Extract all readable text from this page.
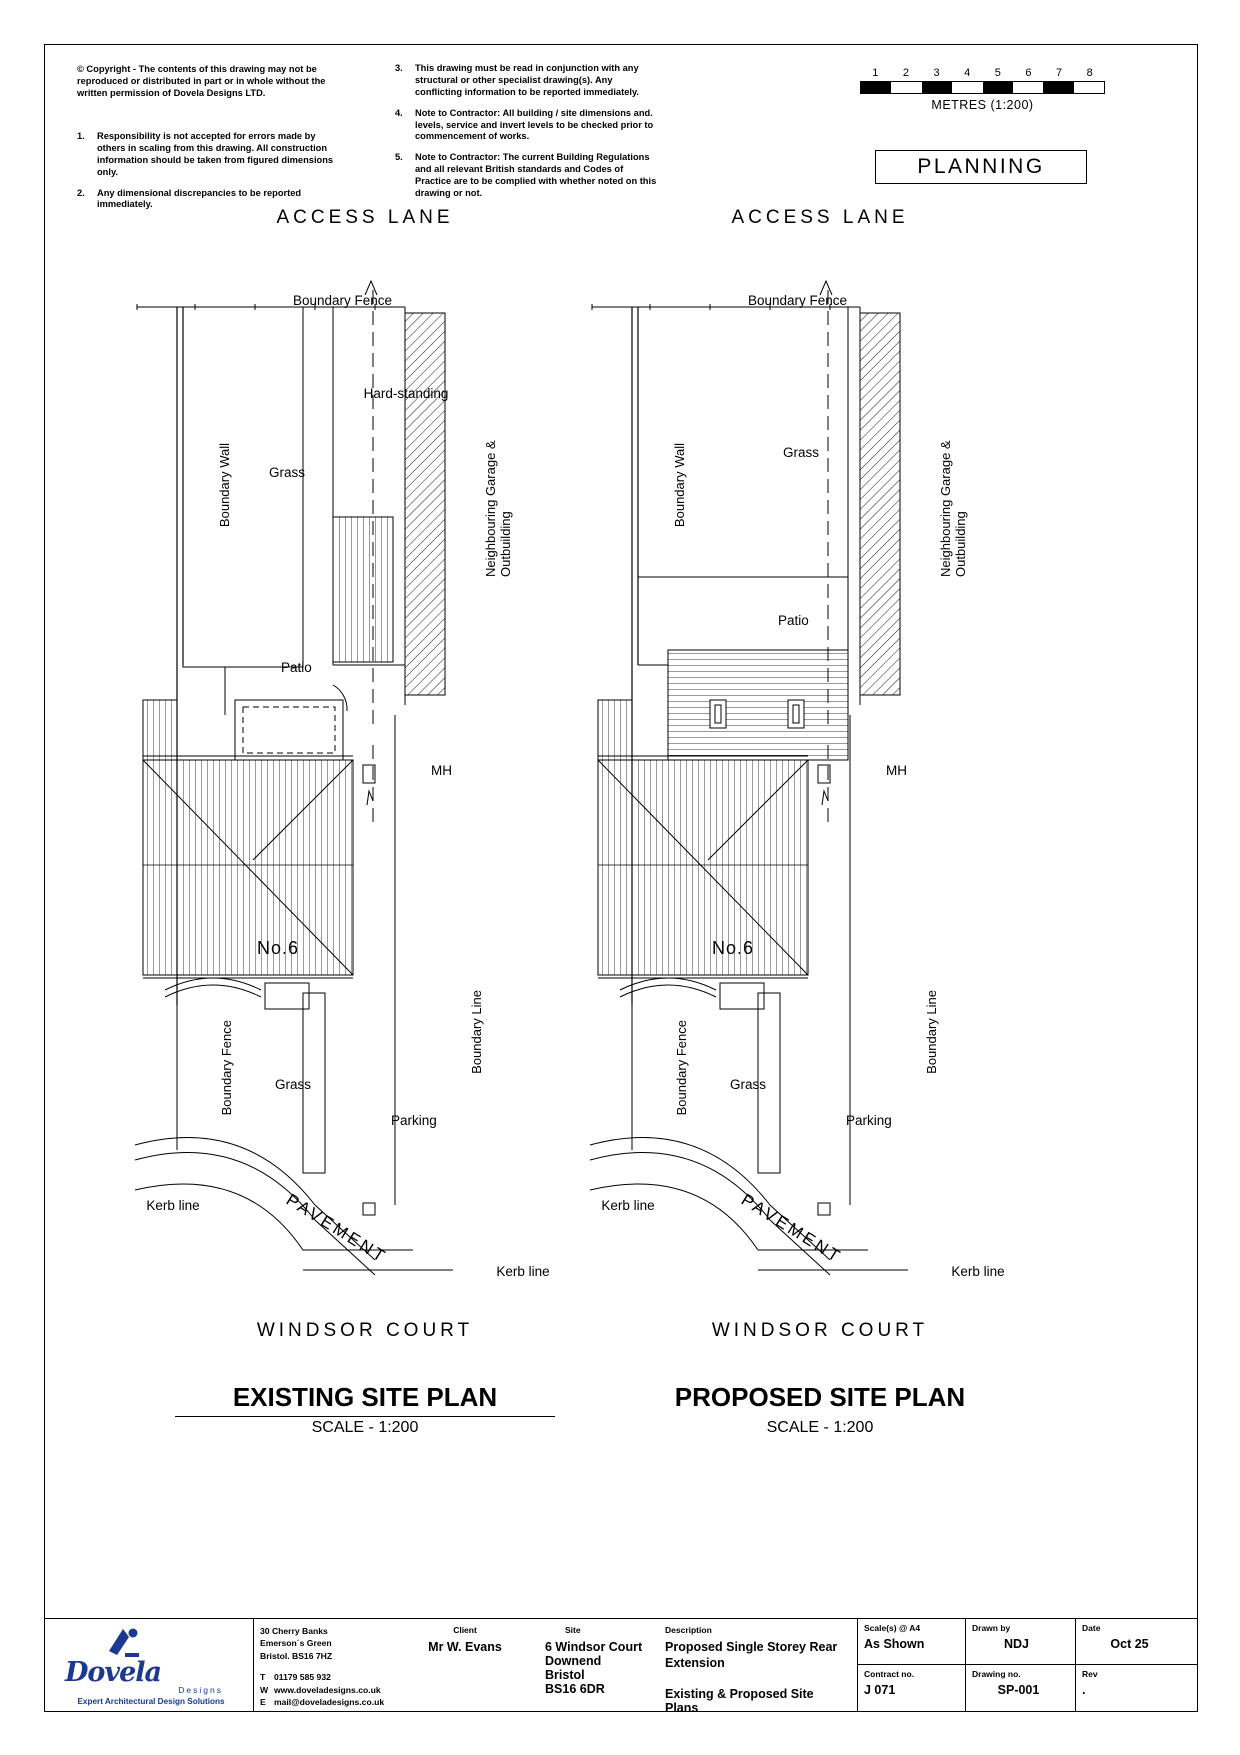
© Copyright - The contents of this drawing may not be reproduced or distributed in part or in whole without the written permission of Dovela Designs LTD.
1.	Responsibility is not accepted for errors made by others in scaling from this drawing. All construction information should be taken from figured dimensions only.
2.	Any dimensional discrepancies to be reported immediately.
3.	This drawing must be read in conjunction with any structural or other specialist drawing(s). Any conflicting information to be reported immediately.
4.	Note to Contractor: All building / site dimensions and. levels, service and invert levels to be checked prior to commencement of works.
5.	Note to Contractor: The current Building Regulations and all relevant British standards and Codes of Practice are to be complied with whether noted on this drawing or not.
1	2	3	4	5	6	7	8
METRES (1:200)
PLANNING
ACCESS LANE	ACCESS LANE
Boundary Fence
Boundary Wall	Neighbouring Garage & Outbuilding
Grass
Hard-standing
Patio
MH
No.6
Boundary Line
Boundary Fence	Grass
Parking
Kerb line
Kerb line
PAVEMENT
WINDSOR COURT
EXISTING SITE PLAN
SCALE - 1:200
Boundary Fence
Boundary Wall	Neighbouring Garage & Outbuilding
Grass
Patio
MH
No.6
Boundary Line
Boundary Fence	Grass
Parking
Kerb line
Kerb line
PAVEMENT
WINDSOR COURT
PROPOSED SITE PLAN
SCALE - 1:200
Dovela
Designs
Expert Architectural Design Solutions
30 Cherry Banks
Emerson´s Green
Bristol. BS16 7HZ
T 01179 585 932
W www.doveladesigns.co.uk
E mail@doveladesigns.co.uk
Client
Mr W. Evans
Site
6 Windsor Court
Downend
Bristol
BS16 6DR
Description
Proposed Single Storey Rear Extension
Existing & Proposed Site Plans
Scale(s) @ A4
As Shown
Drawn by
NDJ
Date
Oct 25
Contract no.
J 071
Drawing no.
SP-001
Rev
.
